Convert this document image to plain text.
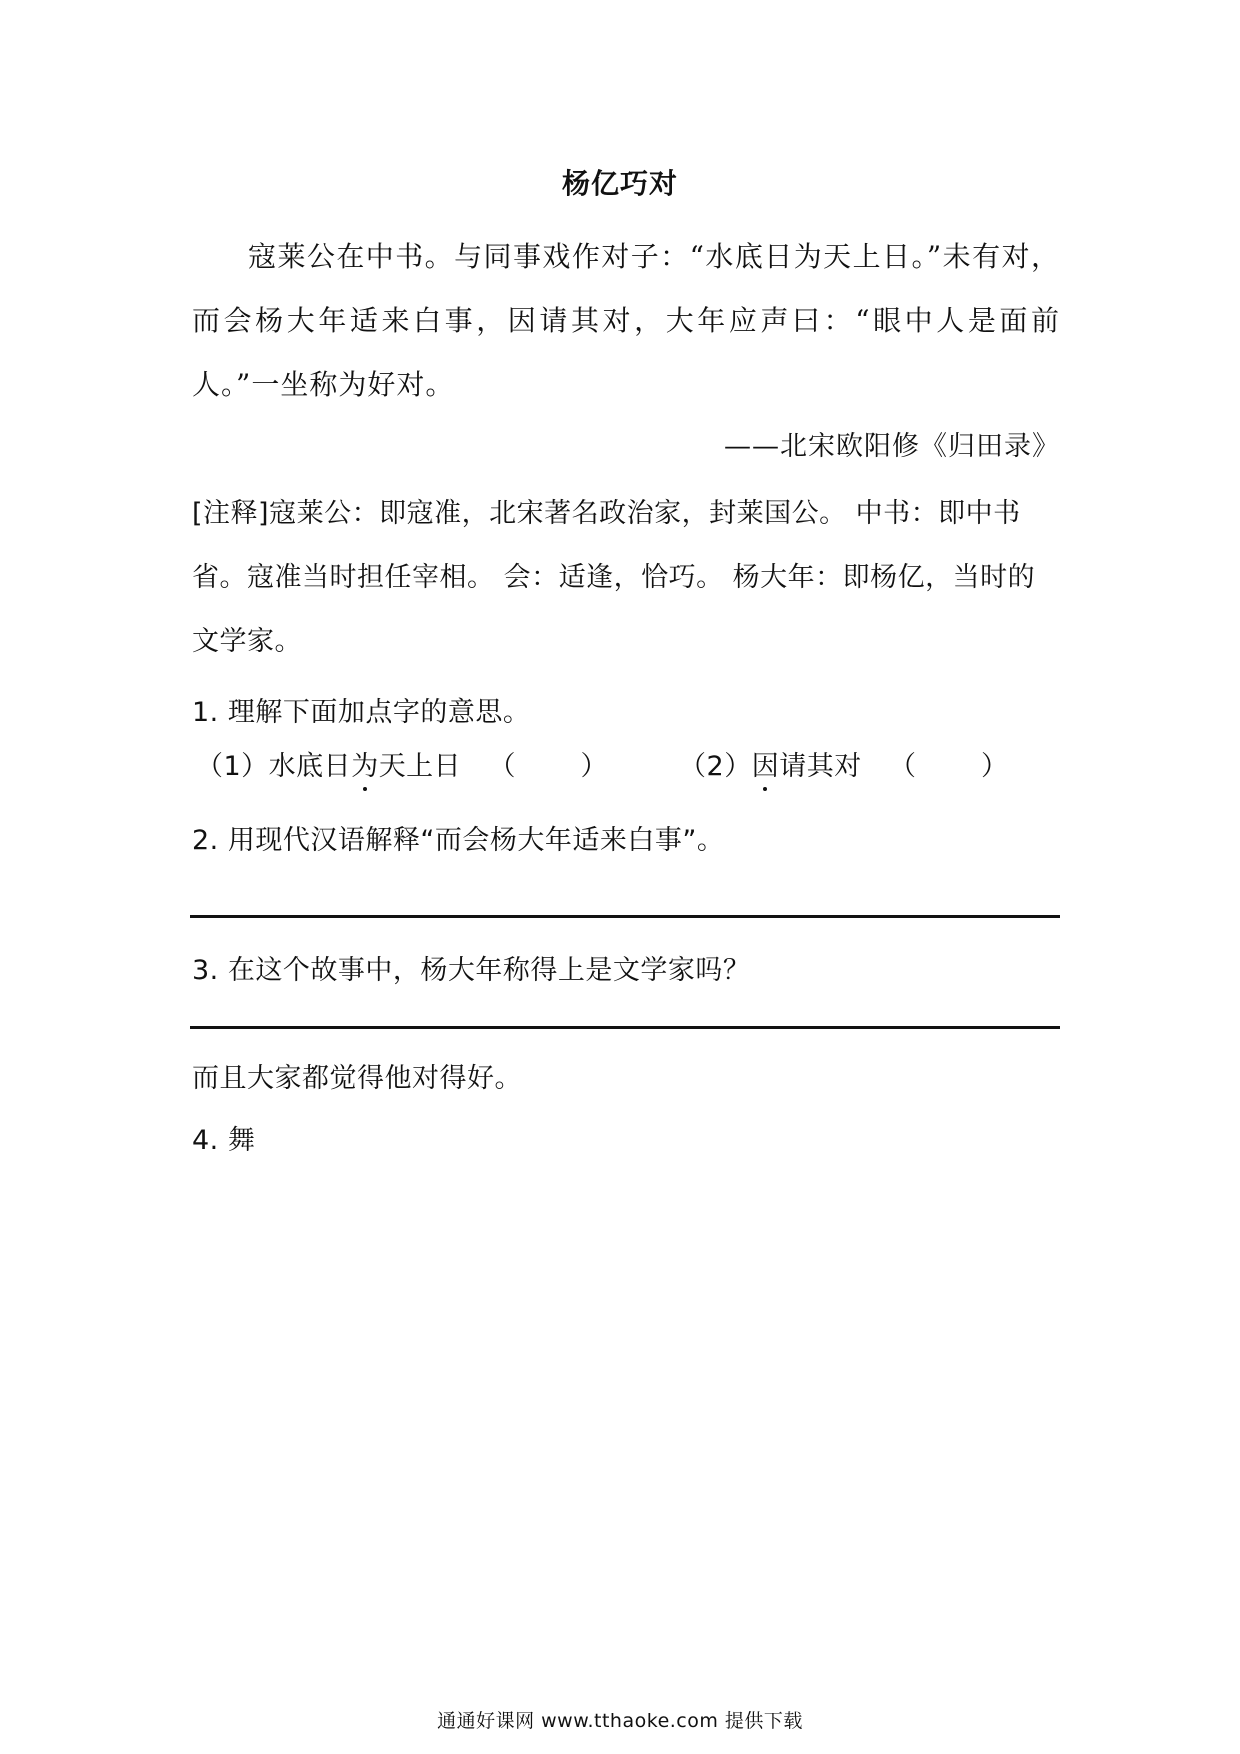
杨亿巧对
寇莱公在中书。与同事戏作对子：“水底日为天上日。”未有对，而会杨大年适来白事，因请其对，大年应声曰：“眼中人是面前人。”一坐称为好对。
——北宋欧阳修《归田录》
[注释]寇莱公：即寇准，北宋著名政治家，封莱国公。 中书：即中书省。寇准当时担任宰相。 会：适逢，恰巧。 杨大年：即杨亿，当时的文学家。
1. 理解下面加点字的意思。
（1）水底日为天上日 （ ）	（2）因请其对 （ ）
2. 用现代汉语解释“而会杨大年适来白事”。
3. 在这个故事中，杨大年称得上是文学家吗？
而且大家都觉得他对得好。
4. 舞
通通好课网 www.tthaoke.com 提供下载
